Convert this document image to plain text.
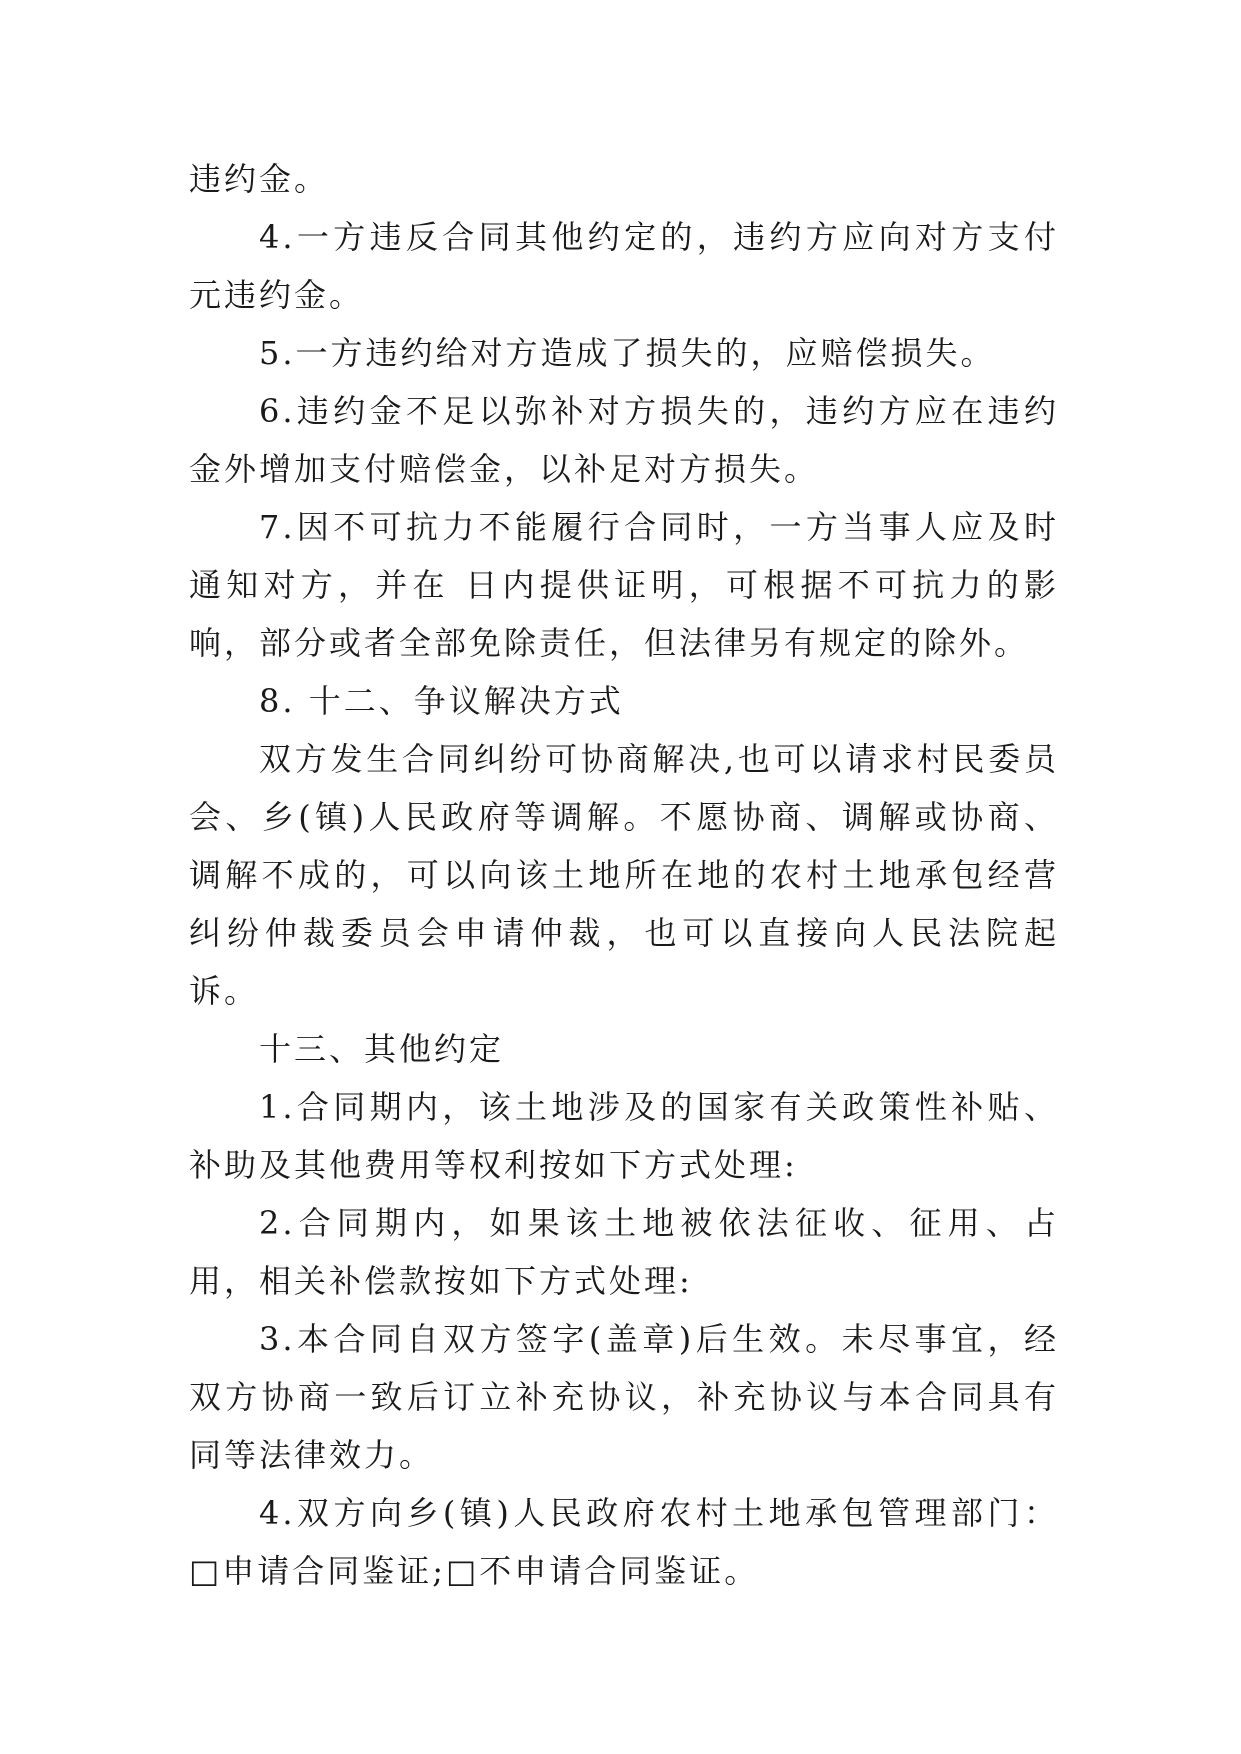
违约金。

4.一方违反合同其他约定的，违约方应向对方支付 元违约金。

5.一方违约给对方造成了损失的，应赔偿损失。

6.违约金不足以弥补对方损失的，违约方应在违约金外增加支付赔偿金，以补足对方损失。

7.因不可抗力不能履行合同时，一方当事人应及时通知对方，并在 日内提供证明，可根据不可抗力的影响，部分或者全部免除责任，但法律另有规定的除外。

8. 十二、争议解决方式

双方发生合同纠纷可协商解决,也可以请求村民委员会、乡(镇)人民政府等调解。不愿协商、调解或协商、调解不成的，可以向该土地所在地的农村土地承包经营纠纷仲裁委员会申请仲裁，也可以直接向人民法院起诉。

十三、其他约定

1.合同期内，该土地涉及的国家有关政策性补贴、补助及其他费用等权利按如下方式处理:

2.合同期内，如果该土地被依法征收、征用、占用，相关补偿款按如下方式处理:

3.本合同自双方签字(盖章)后生效。未尽事宜，经双方协商一致后订立补充协议，补充协议与本合同具有同等法律效力。

4.双方向乡(镇)人民政府农村土地承包管理部门：□申请合同鉴证;□不申请合同鉴证。
